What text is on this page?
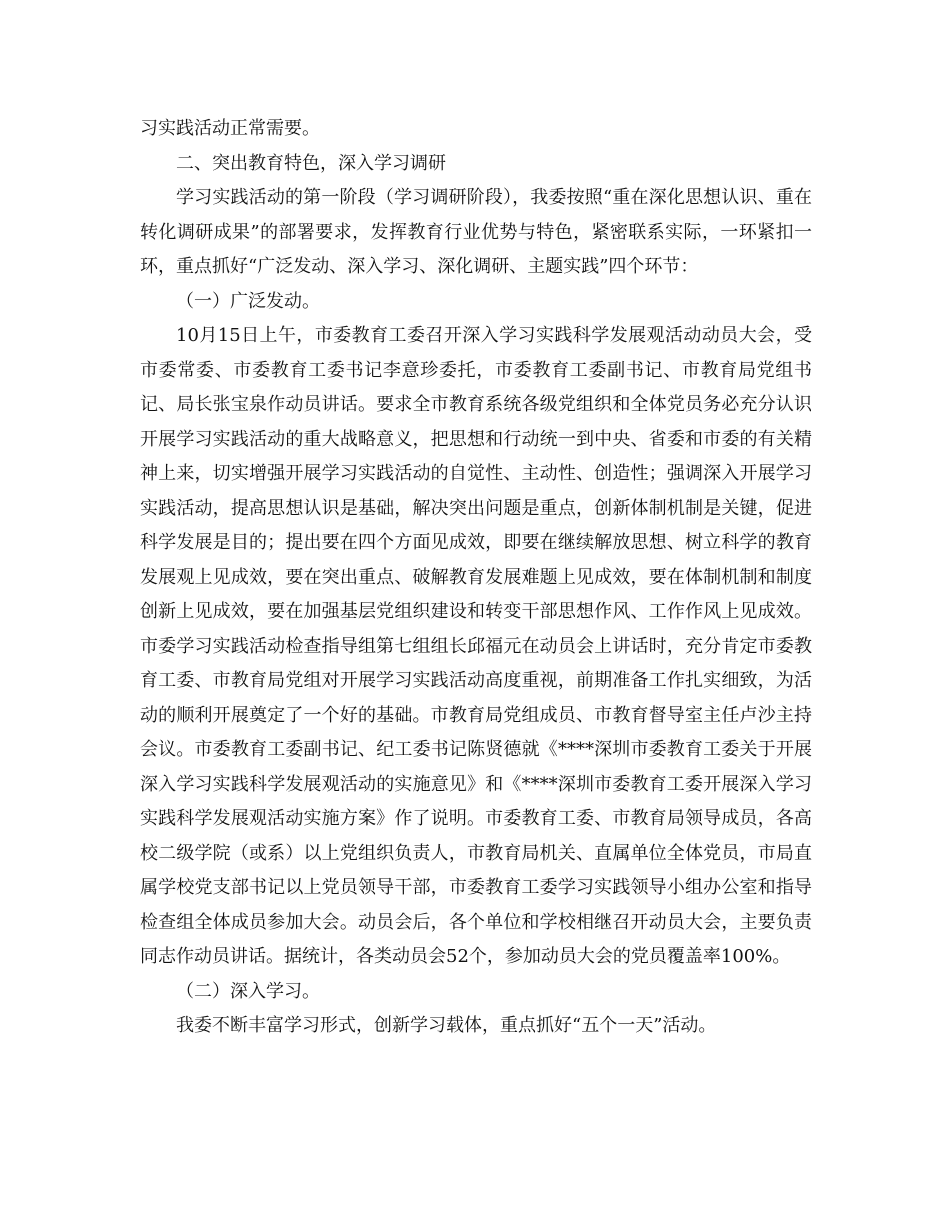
习实践活动正常需要。

二、突出教育特色，深入学习调研

学习实践活动的第一阶段（学习调研阶段），我委按照“重在深化思想认识、重在转化调研成果”的部署要求，发挥教育行业优势与特色，紧密联系实际，一环紧扣一环，重点抓好“广泛发动、深入学习、深化调研、主题实践”四个环节：

（一）广泛发动。

10月15日上午，市委教育工委召开深入学习实践科学发展观活动动员大会，受市委常委、市委教育工委书记李意珍委托，市委教育工委副书记、市教育局党组书记、局长张宝泉作动员讲话。要求全市教育系统各级党组织和全体党员务必充分认识开展学习实践活动的重大战略意义，把思想和行动统一到中央、省委和市委的有关精神上来，切实增强开展学习实践活动的自觉性、主动性、创造性；强调深入开展学习实践活动，提高思想认识是基础，解决突出问题是重点，创新体制机制是关键，促进科学发展是目的；提出要在四个方面见成效，即要在继续解放思想、树立科学的教育发展观上见成效，要在突出重点、破解教育发展难题上见成效，要在体制机制和制度创新上见成效，要在加强基层党组织建设和转变干部思想作风、工作作风上见成效。市委学习实践活动检查指导组第七组组长邱福元在动员会上讲话时，充分肯定市委教育工委、市教育局党组对开展学习实践活动高度重视，前期准备工作扎实细致，为活动的顺利开展奠定了一个好的基础。市教育局党组成员、市教育督导室主任卢沙主持会议。市委教育工委副书记、纪工委书记陈贤德就《****深圳市委教育工委关于开展深入学习实践科学发展观活动的实施意见》和《****深圳市委教育工委开展深入学习实践科学发展观活动实施方案》作了说明。市委教育工委、市教育局领导成员，各高校二级学院（或系）以上党组织负责人，市教育局机关、直属单位全体党员，市局直属学校党支部书记以上党员领导干部，市委教育工委学习实践领导小组办公室和指导检查组全体成员参加大会。动员会后，各个单位和学校相继召开动员大会，主要负责同志作动员讲话。据统计，各类动员会52个，参加动员大会的党员覆盖率100%。

（二）深入学习。

我委不断丰富学习形式，创新学习载体，重点抓好“五个一天”活动。
